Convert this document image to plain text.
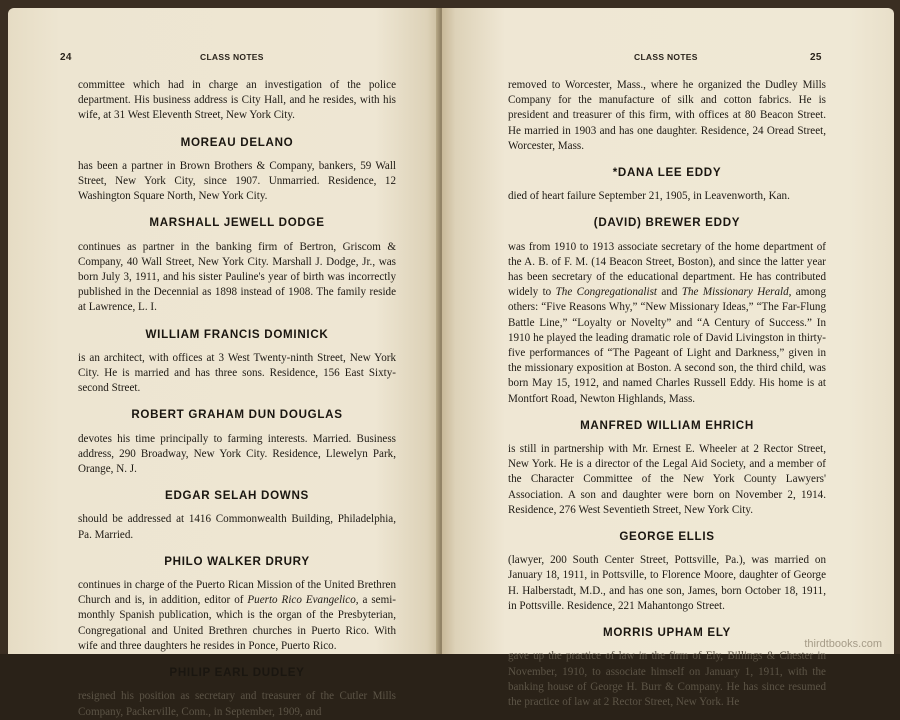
24	CLASS NOTES

committee which had in charge an investigation of the police department. His business address is City Hall, and he resides, with his wife, at 31 West Eleventh Street, New York City.

MOREAU DELANO

has been a partner in Brown Brothers & Company, bankers, 59 Wall Street, New York City, since 1907. Unmarried. Residence, 12 Washington Square North, New York City.

MARSHALL JEWELL DODGE

continues as partner in the banking firm of Bertron, Griscom & Company, 40 Wall Street, New York City. Marshall J. Dodge, Jr., was born July 3, 1911, and his sister Pauline's year of birth was incorrectly published in the Decennial as 1898 instead of 1908. The family reside at Lawrence, L. I.

WILLIAM FRANCIS DOMINICK

is an architect, with offices at 3 West Twenty-ninth Street, New York City. He is married and has three sons. Residence, 156 East Sixty-second Street.

ROBERT GRAHAM DUN DOUGLAS

devotes his time principally to farming interests. Married. Business address, 290 Broadway, New York City. Residence, Llewelyn Park, Orange, N. J.

EDGAR SELAH DOWNS

should be addressed at 1416 Commonwealth Building, Philadelphia, Pa. Married.

PHILO WALKER DRURY

continues in charge of the Puerto Rican Mission of the United Brethren Church and is, in addition, editor of Puerto Rico Evangelico, a semi-monthly Spanish publication, which is the organ of the Presbyterian, Congregational and United Brethren churches in Puerto Rico. With wife and three daughters he resides in Ponce, Puerto Rico.

PHILIP EARL DUDLEY

resigned his position as secretary and treasurer of the Cutler Mills Company, Packerville, Conn., in September, 1909, and

CLASS NOTES	25

removed to Worcester, Mass., where he organized the Dudley Mills Company for the manufacture of silk and cotton fabrics. He is president and treasurer of this firm, with offices at 80 Beacon Street. He married in 1903 and has one daughter. Residence, 24 Oread Street, Worcester, Mass.

*DANA LEE EDDY

died of heart failure September 21, 1905, in Leavenworth, Kan.

(DAVID) BREWER EDDY

was from 1910 to 1913 associate secretary of the home department of the A. B. of F. M. (14 Beacon Street, Boston), and since the latter year has been secretary of the educational department. He has contributed widely to The Congregationalist and The Missionary Herald, among others: “Five Reasons Why,” “New Missionary Ideas,” “The Far-Flung Battle Line,” “Loyalty or Novelty” and “A Century of Success.” In 1910 he played the leading dramatic role of David Livingston in thirty-five performances of “The Pageant of Light and Darkness,” given in the missionary exposition at Boston. A second son, the third child, was born May 15, 1912, and named Charles Russell Eddy. His home is at Montfort Road, Newton Highlands, Mass.

MANFRED WILLIAM EHRICH

is still in partnership with Mr. Ernest E. Wheeler at 2 Rector Street, New York. He is a director of the Legal Aid Society, and a member of the Character Committee of the New York County Lawyers' Association. A son and daughter were born on November 2, 1914. Residence, 276 West Seventieth Street, New York City.

GEORGE ELLIS

(lawyer, 200 South Center Street, Pottsville, Pa.), was married on January 18, 1911, in Pottsville, to Florence Moore, daughter of George H. Halberstadt, M.D., and has one son, James, born October 18, 1911, in Pottsville. Residence, 221 Mahantongo Street.

MORRIS UPHAM ELY

gave up the practice of law in the firm of Ely, Billings & Chester in November, 1910, to associate himself on January 1, 1911, with the banking house of George H. Burr & Company. He has since resumed the practice of law at 2 Rector Street, New York. He

thirdtbooks.com
